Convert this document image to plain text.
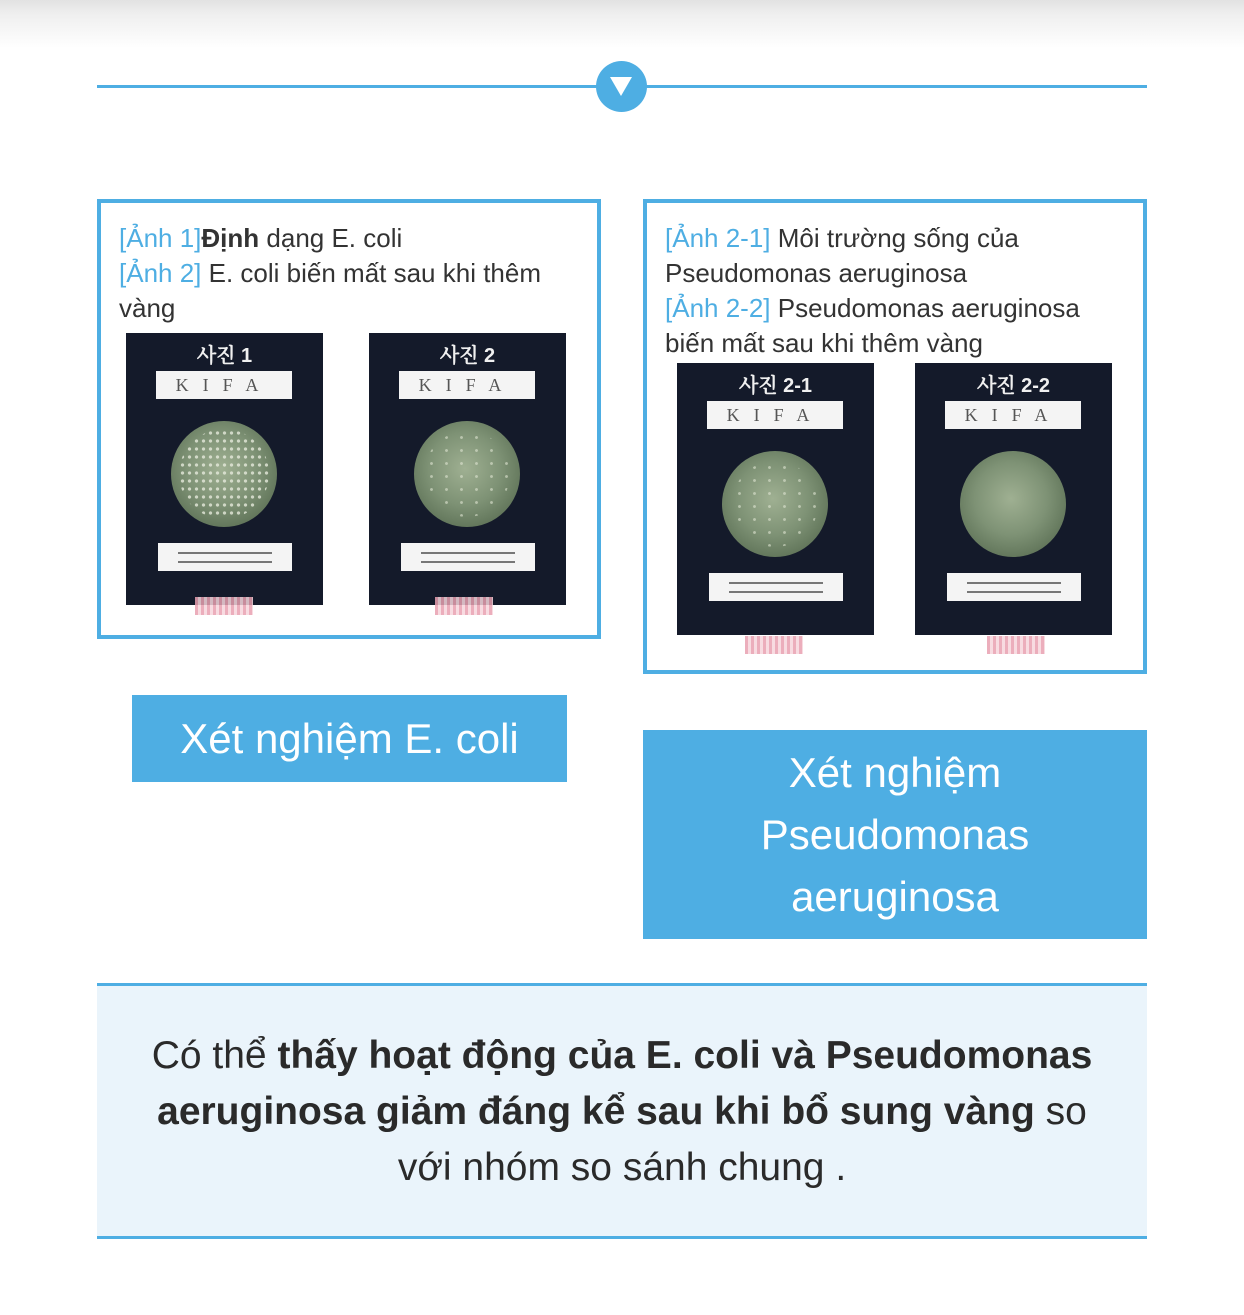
[Ảnh 1]Định dạng E. coli
[Ảnh 2] E. coli biến mất sau khi thêm vàng
사진 1
KIFA
사진 2
KIFA
[Ảnh 2-1] Môi trường sống của Pseudomonas aeruginosa
[Ảnh 2-2] Pseudomonas aeruginosa biến mất sau khi thêm vàng
사진 2-1
KIFA
사진 2-2
KIFA
Xét nghiệm E. coli
Xét nghiệm Pseudomonas aeruginosa

Có thể thấy hoạt động của E. coli và Pseudomonas aeruginosa giảm đáng kể sau khi bổ sung vàng so với nhóm so sánh chung .
